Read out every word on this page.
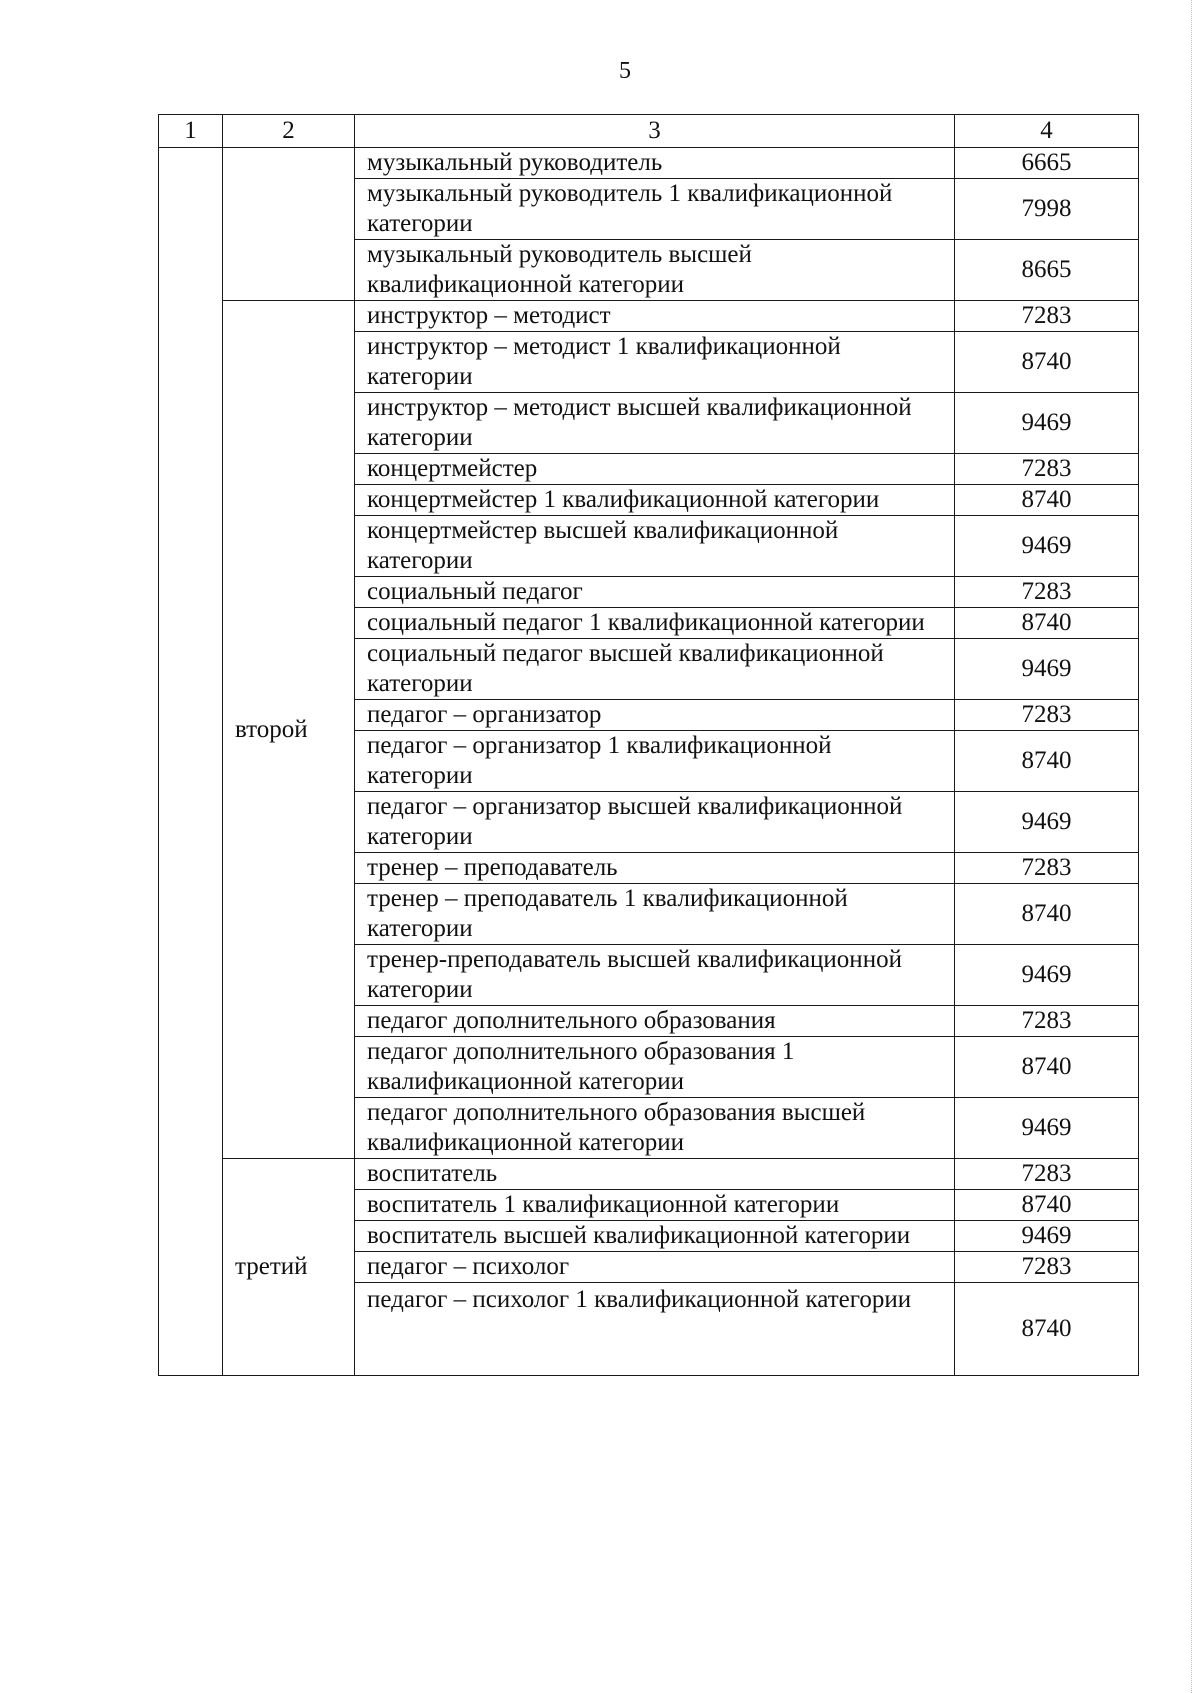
5
1	2	3	4
		музыкальный руководитель	6665
		музыкальный руководитель 1 квалификационной категории	7998
		музыкальный руководитель высшей квалификационной категории	8665
	второй	инструктор – методист	7283
		инструктор – методист 1 квалификационной категории	8740
		инструктор – методист высшей квалификационной категории	9469
		концертмейстер	7283
		концертмейстер 1 квалификационной категории	8740
		концертмейстер высшей квалификационной категории	9469
		социальный педагог	7283
		социальный педагог 1 квалификационной категории	8740
		социальный педагог высшей квалификационной категории	9469
		педагог – организатор	7283
		педагог – организатор 1 квалификационной категории	8740
		педагог – организатор высшей квалификационной категории	9469
		тренер – преподаватель	7283
		тренер – преподаватель 1 квалификационной категории	8740
		тренер-преподаватель высшей квалификационной категории	9469
		педагог дополнительного образования	7283
		педагог дополнительного образования 1 квалификационной категории	8740
		педагог дополнительного образования высшей квалификационной категории	9469
	третий	воспитатель	7283
		воспитатель 1 квалификационной категории	8740
		воспитатель высшей квалификационной категории	9469
		педагог – психолог	7283
		педагог – психолог 1 квалификационной категории	8740
